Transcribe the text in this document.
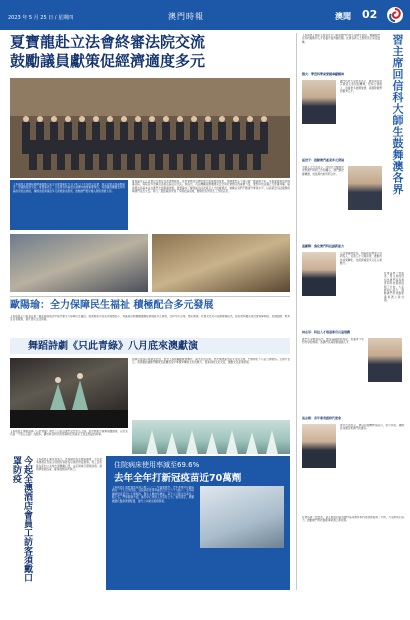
2023 年 5 月 25 日 / 星期四	澳門時報	澳聞 02
夏寶龍赴立法會終審法院交流
鼓勵議員獻策促經濟適度多元
【本報訊】國務院港澳事務辦公室主任夏寶龍於 5 月 24 日下午到訪立法會，與立法會主席高開賢及一眾議員座談交流。夏寶龍表示，立法會在特區管治架構中擔當重要角色，希望議員繼續支持特區政府依法施政，積極為經濟適度多元發展建言獻策，推動澳門更好融入國家發展大局。
夏寶龍肯定立法會近年來在完善選舉制度、落實愛國者治澳原則方面取得的成果，強調要堅定不移貫徹一國兩制方針。其後夏寶龍到訪終審法院，與院長岑浩輝及各級法院法官交流。他指出，司法機關是維護國家安全和社會穩定的重要力量，要堅持依法獨立行使審判權，確保憲法和基本法在澳門全面準確實施。夏寶龍亦了解特區司法改革及人才培養情況，勉勵法官們不斷提升專業水平，以高質量司法服務保障澳門長治久安。同日，夏寶龍還考察了多個社區設施，聽取居民對民生工作的意見。
歐陽瑜：全力保障民生福祉 積極配合多元發展
【本報訊】行政長官賀一誠在施政報告中提出要全力保障民生福祉。經濟財政司司長李偉農表示，特區政府將繼續推動經濟適度多元發展，支持中小企業，穩定就業。社會文化司司長歐陽瑜指出，政府會持續完善社會保障制度，加強醫療、教育及長者服務，提升居民生活質素。
舞蹈詩劇《只此青綠》八月底來澳獻演
【本報訊】舞蹈詩劇《只此青綠》將於八月底在澳門文化中心上演，由中國東方演藝集團創排，以北宋名畫《千里江山圖》為藍本，講述故宮研究員穿越時空與畫家王希孟對話的故事。
該劇自首演以來廣受好評，曾登上春節聯歡晚會舞台，演出近四百場。此次來澳演出由文化局主辦，門票將於下月起公開發售。主辦方表示，希望藉此讓澳門觀眾近距離感受中華優秀傳統文化的魅力，促進兩地文化交流，推動文化產業發展。
今起全澳酒店會員工訪客須戴口罩防疫	【本報訊】衛生局表示，為保障居民及旅客健康，今日起本澳酒店及綜合度假村須按指引做好防疫措施。員工及訪客在室內公共地方須佩戴口罩，並定時進行環境消毒。當局將加強巡查，確保措施落實執行。
住院病床使用率減至69.6%
去年全年打新冠疫苗近70萬劑
【本報訊】統計暨普查局公佈二〇二二年醫療統計。去年本澳共有醫院病床一千七百零四張，住院病床使用率減至百分之六十九點六；全年接種新冠疫苗近七十萬劑次。醫生人數按年增加，每千人口醫生比率為二點七名。門診服務方面，衛生中心求診人次有所上升。當局表示，將繼續優化醫療資源配置，提升公共衛生服務質素。
【本報訊】國家主席習近平日前給澳門科技大學師生回信，勉勵他們在科技創新和人才培養方面再創佳績。社會各界人士紛紛表示深受鼓舞。	習主席回信科大師生鼓舞澳各界
劉夫：學習科學家愛國奉獻精神
澳門科技大學校長表示，將認真學習貫徹習主席回信精神，堅持立德樹人，培養更多愛國愛澳、具國際視野的優秀人才。
崔世平：推動澳門產業多元發展
全國人大代表表示，回信充分體現中央對澳門科研工作的關心，澳門應把握機遇，加強與內地科研合作。
社會各界一致認為，習主席的回信為澳門高等教育和科技發展指明了方向，大家將同心協力，推動澳門科技創新事業邁上新台階。
黃顯輝：強化澳門科技創新能力
立法會議員認為，特區政府應加大科研投入，完善人才引進政策，推動科技成果轉化，為經濟適度多元注入新動力。
林志軍：科技人才培養要有長遠規劃
澳門大學教授指出，應從基礎教育抓起，培養青少年對科學的興趣，為澳門長遠發展儲備人才。
馬志毅：青年要勇擔時代使命
青年代表表示，將以回信精神為指引，努力學習，積極投身國家和澳門的建設。
社會各界一致認為，習主席的回信為澳門高等教育和科技發展指明了方向，大家將同心協力，推動澳門科技創新事業邁上新台階。
